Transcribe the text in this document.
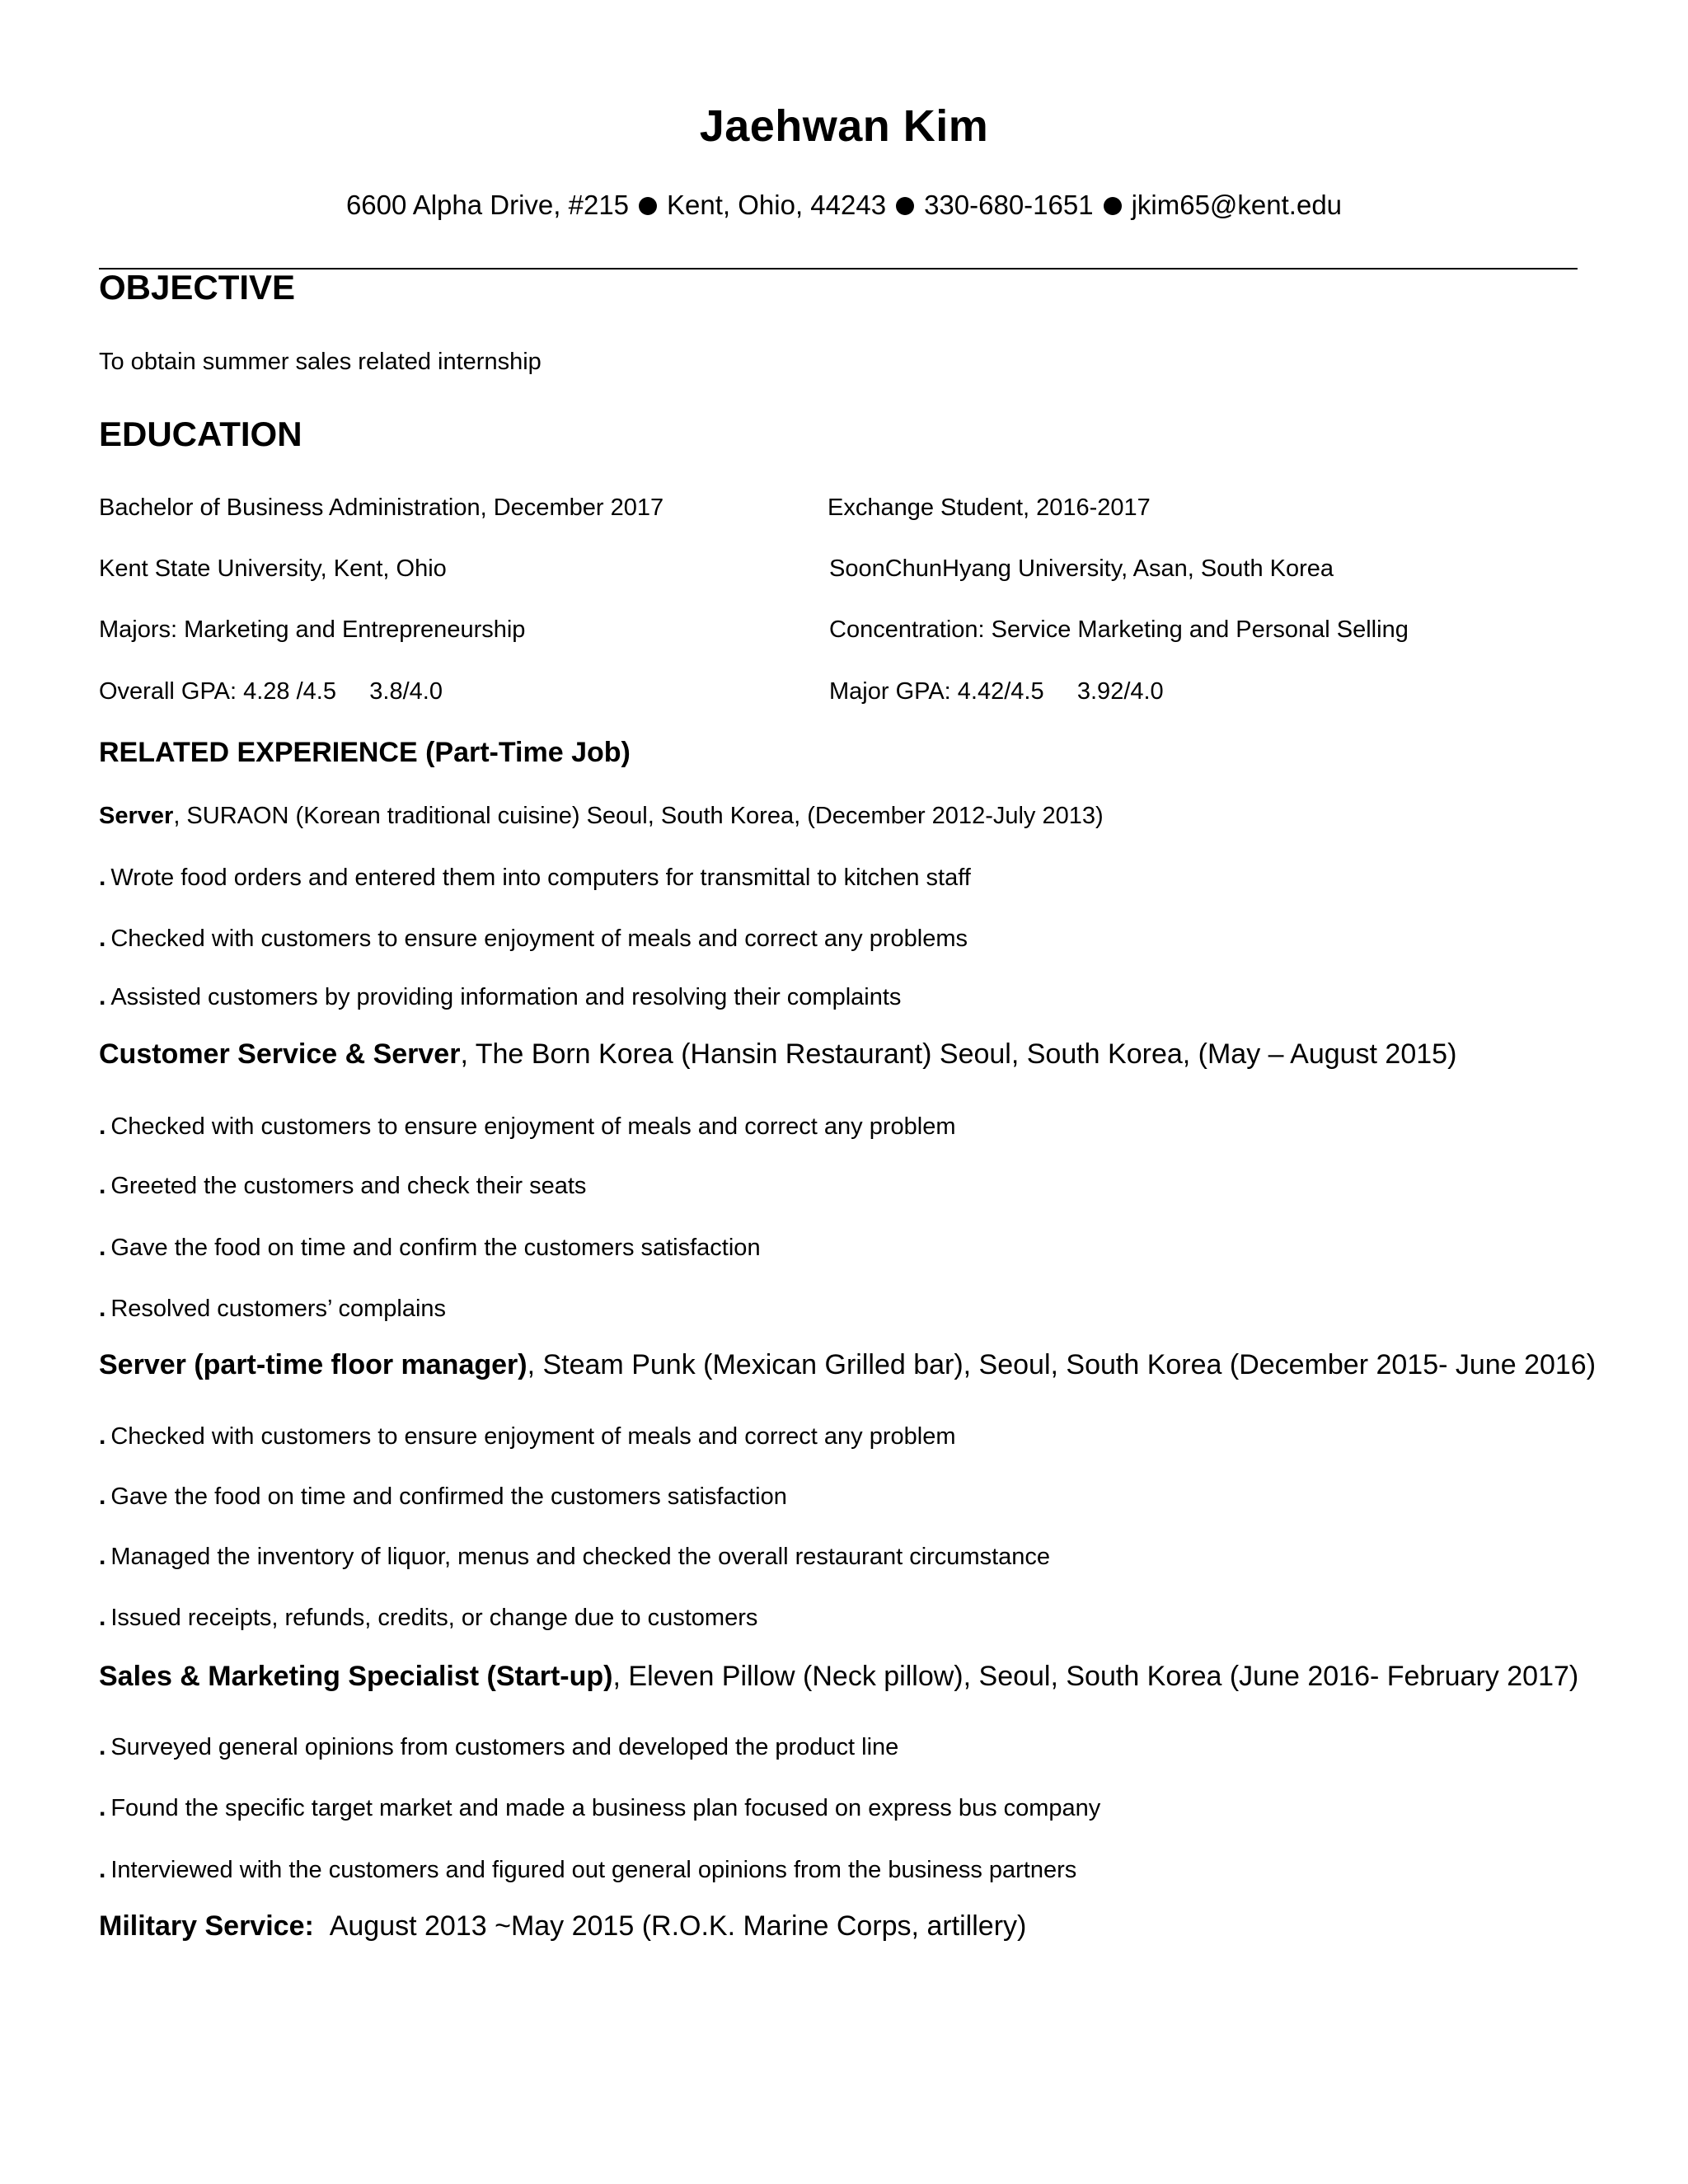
Jaehwan Kim
6600 Alpha Drive, #215 Kent, Ohio, 44243 330-680-1651 jkim65@kent.edu
OBJECTIVE
To obtain summer sales related internship
EDUCATION
Bachelor of Business Administration, December 2017
Kent State University, Kent, Ohio
Majors: Marketing and Entrepreneurship
Overall GPA: 4.28 /4.5     3.8/4.0
Exchange Student, 2016-2017
SoonChunHyang University, Asan, South Korea
Concentration: Service Marketing and Personal Selling
Major GPA: 4.42/4.5     3.92/4.0
RELATED EXPERIENCE (Part-Time Job)
Server, SURAON (Korean traditional cuisine) Seoul, South Korea, (December 2012-July 2013)
. Wrote food orders and entered them into computers for transmittal to kitchen staff
. Checked with customers to ensure enjoyment of meals and correct any problems
. Assisted customers by providing information and resolving their complaints
Customer Service & Server, The Born Korea (Hansin Restaurant) Seoul, South Korea, (May – August 2015)
. Checked with customers to ensure enjoyment of meals and correct any problem
. Greeted the customers and check their seats
. Gave the food on time and confirm the customers satisfaction
. Resolved customers’ complains
Server (part-time floor manager), Steam Punk (Mexican Grilled bar), Seoul, South Korea (December 2015- June 2016)
. Checked with customers to ensure enjoyment of meals and correct any problem
. Gave the food on time and confirmed the customers satisfaction
. Managed the inventory of liquor, menus and checked the overall restaurant circumstance
. Issued receipts, refunds, credits, or change due to customers
Sales & Marketing Specialist (Start-up), Eleven Pillow (Neck pillow), Seoul, South Korea (June 2016- February 2017)
. Surveyed general opinions from customers and developed the product line
. Found the specific target market and made a business plan focused on express bus company
. Interviewed with the customers and figured out general opinions from the business partners
Military Service: August 2013 ~May 2015 (R.O.K. Marine Corps, artillery)
